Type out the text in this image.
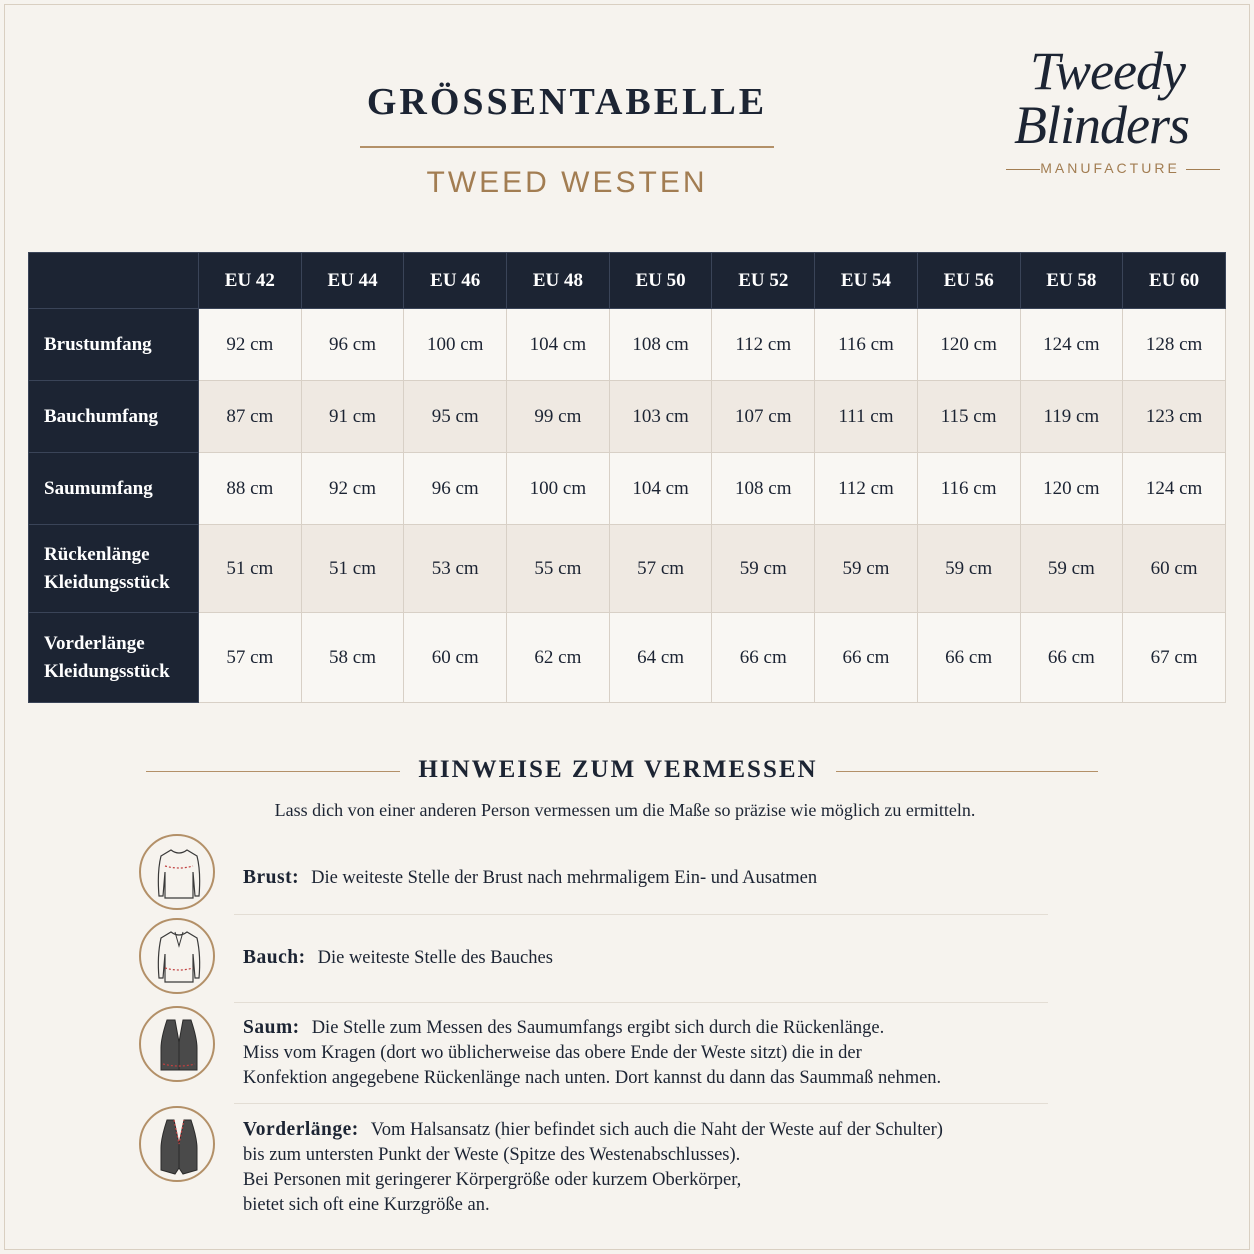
GRÖSSENTABELLE
TWEED WESTEN
Tweedy
Blinders
MANUFACTURE
	EU 42	EU 44	EU 46	EU 48	EU 50	EU 52	EU 54	EU 56	EU 58	EU 60
Brustumfang	92 cm	96 cm	100 cm	104 cm	108 cm	112 cm	116 cm	120 cm	124 cm	128 cm
Bauchumfang	87 cm	91 cm	95 cm	99 cm	103 cm	107 cm	111 cm	115 cm	119 cm	123 cm
Saumumfang	88 cm	92 cm	96 cm	100 cm	104 cm	108 cm	112 cm	116 cm	120 cm	124 cm

Rückenlänge
Kleidungsstück	51 cm	51 cm	53 cm	55 cm	57 cm	59 cm	59 cm	59 cm	59 cm	60 cm

Vorderlänge
Kleidungsstück	57 cm	58 cm	60 cm	62 cm	64 cm	66 cm	66 cm	66 cm	66 cm	67 cm
HINWEISE ZUM VERMESSEN
Lass dich von einer anderen Person vermessen um die Maße so präzise wie möglich zu ermitteln.
Brust: Die weiteste Stelle der Brust nach mehrmaligem Ein- und Ausatmen
Bauch: Die weiteste Stelle des Bauches
Saum: Die Stelle zum Messen des Saumumfangs ergibt sich durch die Rückenlänge.
Miss vom Kragen (dort wo üblicherweise das obere Ende der Weste sitzt) die in der
Konfektion angegebene Rückenlänge nach unten. Dort kannst du dann das Saummaß nehmen.
Vorderlänge: Vom Halsansatz (hier befindet sich auch die Naht der Weste auf der Schulter)
bis zum untersten Punkt der Weste (Spitze des Westenabschlusses).
Bei Personen mit geringerer Körpergröße oder kurzem Oberkörper,
bietet sich oft eine Kurzgröße an.
